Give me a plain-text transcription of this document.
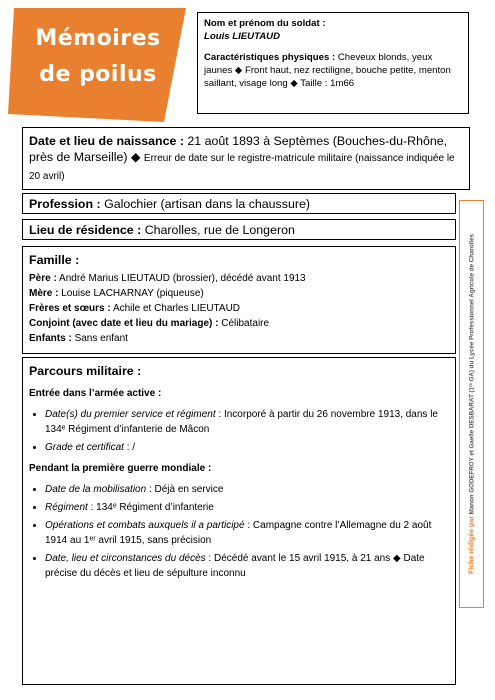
Mémoires
de poilus
Nom et prénom du soldat :
Louis LIEUTAUD
Caractéristiques physiques : Cheveux blonds, yeux jaunes ◆ Front haut, nez rectiligne, bouche petite, menton saillant, visage long ◆ Taille : 1m66
Date et lieu de naissance : 21 août 1893 à Septèmes (Bouches-du-Rhône, près de Marseille) ◆ Erreur de date sur le registre-matricule militaire (naissance indiquée le 20 avril)
Profession : Galochier (artisan dans la chaussure)
Lieu de résidence : Charolles, rue de Longeron
Famille :
Père : André Marius LIEUTAUD (brossier), décédé avant 1913
Mère : Louise LACHARNAY (piqueuse)
Frères et sœurs : Achile et Charles LIEUTAUD
Conjoint (avec date et lieu du mariage) : Célibataire
Enfants : Sans enfant
Parcours militaire :
Entrée dans l’armée active :
• Date(s) du premier service et régiment : Incorporé à partir du 26 novembre 1913, dans le 134ᵉ Régiment d’infanterie de Mâcon
• Grade et certificat : /
Pendant la première guerre mondiale :
• Date de la mobilisation : Déjà en service
• Régiment : 134ᵉ Régiment d’infanterie
• Opérations et combats auxquels il a participé : Campagne contre l’Allemagne du 2 août 1914 au 1ᵉʳ avril 1915, sans précision
• Date, lieu et circonstances du décès : Décédé avant le 15 avril 1915, à 21 ans ◆ Date précise du décès et lieu de sépulture inconnu	Fiche rédigée par Manon GODEFROY et Gaelle DESBARAT (1ʳᵉ GA) du Lycée Professionnel Agricole de Charolles
